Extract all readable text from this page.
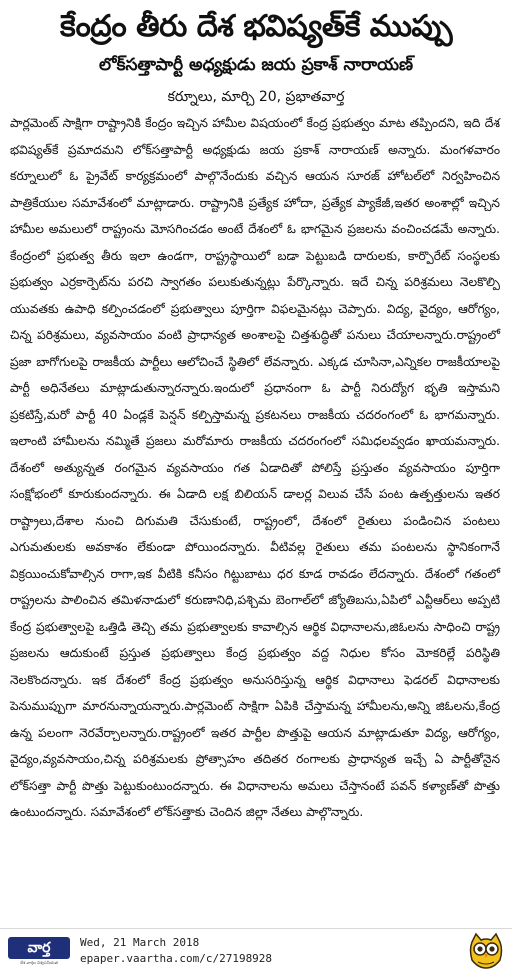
కేంద్రం తీరు దేశ భవిష్యత్‌కే ముప్పు
లోక్‌సత్తాపార్టీ అధ్యక్షుడు జయ ప్రకాశ్ నారాయణ్
కర్నూలు, మార్చి 20, ప్రభాతవార్త

పార్లమెంట్ సాక్షిగా రాష్ట్రానికి కేంద్రం ఇచ్చిన హామీల విషయంలో కేంద్ర ప్రభుత్వం మాట తప్పిందని, ఇది దేశ భవిష్యత్‌కే ప్రమాదమని లోక్‌సత్తాపార్టీ అధ్యక్షుడు జయ ప్రకాశ్ నారాయణ్ అన్నారు. మంగళవారం కర్నూలులో ఓ ప్రైవేట్ కార్యక్రమంలో పాల్గొనేందుకు వచ్చిన ఆయన సూరజ్ హోటల్‌లో నిర్వహించిన పాత్రికేయుల సమావేశంలో మాట్లాడారు. రాష్ట్రానికి ప్రత్యేక హోదా, ప్రత్యేక ప్యాకేజీ,ఇతర అంశాల్లో ఇచ్చిన హామీల అమలులో రాష్ట్రంను మోసగించడం అంటే దేశంలో ఓ భాగమైన ప్రజలను వంచించడమే అన్నారు. కేంద్రంలో ప్రభుత్వ తీరు ఇలా ఉండగా, రాష్ట్రస్థాయిలో బడా పెట్టుబడి దారులకు, కార్పొరేట్ సంస్థలకు ప్రభుత్వం ఎర్రకార్పెట్‌ను పరచి స్వాగతం పలుకుతున్నట్లు పేర్కొన్నారు. ఇదే చిన్న పరిశ్రమలు నెలకొల్పి యువతకు ఉపాధి కల్పించడంలో ప్రభుత్వాలు పూర్తిగా విఫలమైనట్లు చెప్పారు. విద్య, వైద్యం, ఆరోగ్యం, చిన్న పరిశ్రమలు, వ్యవసాయం వంటి ప్రాధాన్యత అంశాలపై చిత్తశుద్ధితో పనులు చేయాలన్నారు.రాష్ట్రంలో ప్రజా బాగోగులపై రాజకీయ పార్టీలు ఆలోచించే స్థితిలో లేవన్నారు. ఎక్కడ చూసినా,ఎన్నికల రాజకీయాలపై పార్టీ అధినేతలు మాట్లాడుతున్నారన్నారు.ఇందులో ప్రధానంగా ఓ పార్టీ నిరుద్యోగ భృతి ఇస్తామని ప్రకటిస్తే,మరో పార్టీ 40 ఏండ్లకే పెన్షన్ కల్పిస్తామన్న ప్రకటనలు రాజకీయ చదరంగంలో ఓ భాగమన్నారు. ఇలాంటి హామీలను నమ్మితే ప్రజలు మరోమారు రాజకీయ చదరంగంలో సమిధలవ్వడం ఖాయమన్నారు. దేశంలో అత్యున్నత రంగమైన వ్యవసాయం గత ఏడాదితో పోలిస్తే ప్రస్తుతం వ్యవసాయం పూర్తిగా సంక్షోభంలో కూరుకుందన్నారు. ఈ ఏడాది లక్ష బిలియన్ డాలర్ల విలువ చేసే పంట ఉత్పత్తులను ఇతర రాష్ట్రాలు,దేశాల నుంచి దిగుమతి చేసుకుంటే, రాష్ట్రంలో, దేశంలో రైతులు పండించిన పంటలు ఎగుమతులకు అవకాశం లేకుండా పోయిందన్నారు. వీటివల్ల రైతులు తమ పంటలను స్థానికంగానే విక్రయించుకోవాల్సిన రాగా,ఇక వీటికి కనీసం గిట్టుబాటు ధర కూడ రావడం లేదన్నారు. దేశంలో గతంలో రాష్ట్రలను పాలించిన తమిళనాడులో కరుణానిధి,పశ్చిమ బెంగాల్‌లో జ్యోతిబసు,ఏపిలో ఎన్టీఆర్‌లు అప్పటి కేంద్ర ప్రభుత్వాలపై ఒత్తిడి తెచ్చి తమ ప్రభుత్వాలకు కావాల్సిన ఆర్థిక విధానాలను,జిఓలను సాధించి రాష్ట్ర ప్రజలను ఆదుకుంటే ప్రస్తుత ప్రభుత్వాలు కేంద్ర ప్రభుత్వం వద్ద నిధుల కోసం మోకరిల్లే పరిస్థితి నెలకొందన్నారు. ఇక దేశంలో కేంద్ర ప్రభుత్వం అనుసరిస్తున్న ఆర్థిక విధానాలు ఫెడరల్ విధానాలకు పెనుముప్పుగా మారనున్నాయన్నారు.పార్లమెంట్ సాక్షిగా ఏపికి చేస్తామన్న హామీలను,అన్ని జిఓలను,కేంద్ర ఉన్న పలంగా నెరవేర్చాలన్నారు.రాష్ట్రంలో ఇతర పార్టీల పొత్తుపై ఆయన మాట్లాడుతూ విద్య, ఆరోగ్యం, వైద్యం,వ్యవసాయం,చిన్న పరిశ్రమలకు ప్రోత్సాహం తదితర రంగాలకు ప్రాధాన్యత ఇచ్చే ఏ పార్టీతోనైన లోక్‌సత్తా పార్టీ పొత్తు పెట్టుకుంటుందన్నారు. ఈ విధానాలను అమలు చేస్తానంటే పవన్ కళ్యాణ్‌తో పొత్తు ఉంటుందన్నారు. సమావేశంలో లోక్‌సత్తాకు చెందిన జిల్లా నేతలు పాల్గొన్నారు.

వార్త
దేశ వార్తల విశ్వసనీయత
Wed, 21 March 2018
epaper.vaartha.com/c/27198928
